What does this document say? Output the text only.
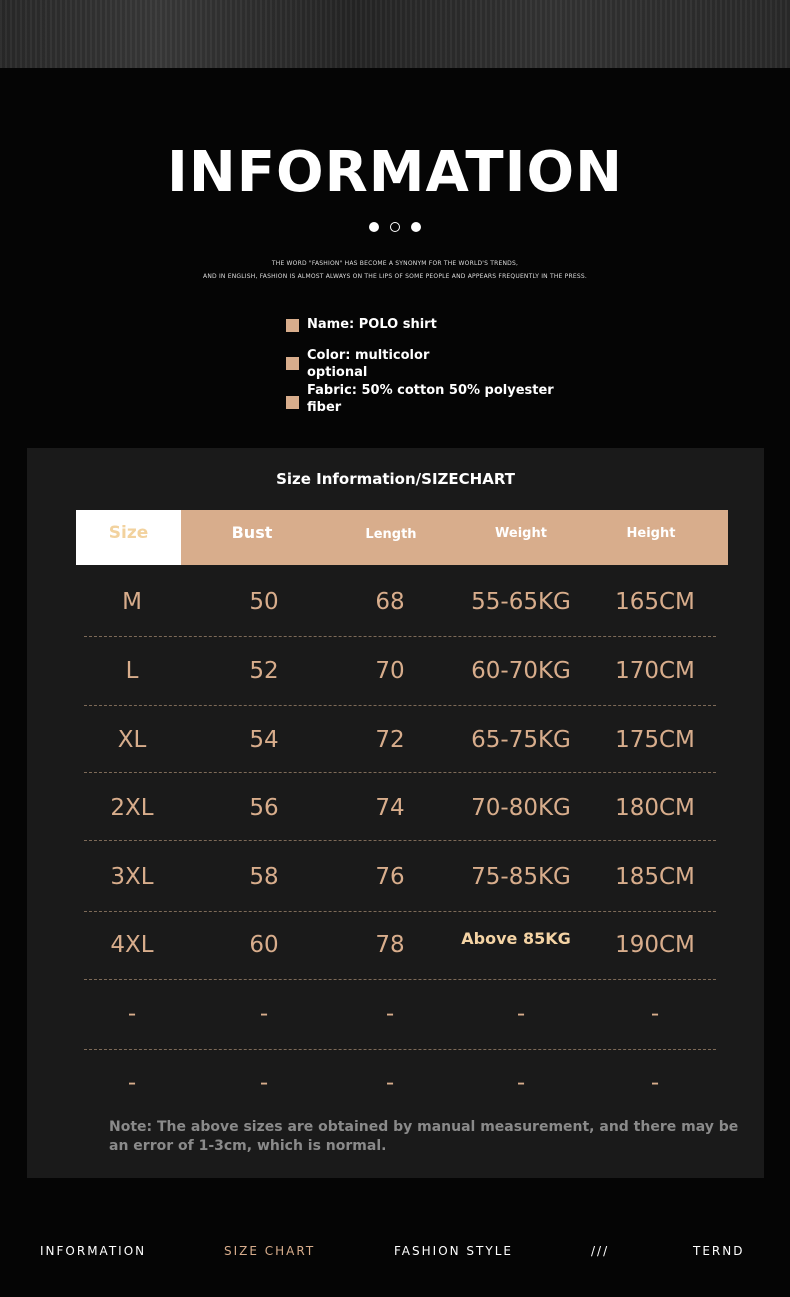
INFORMATION
THE WORD "FASHION" HAS BECOME A SYNONYM FOR THE WORLD'S TRENDS,
AND IN ENGLISH, FASHION IS ALMOST ALWAYS ON THE LIPS OF SOME PEOPLE AND APPEARS FREQUENTLY IN THE PRESS.
Name: POLO shirt
Color: multicolor optional
Fabric: 50% cotton 50% polyester fiber
Size Information/SIZECHART
Size	Bust	Length	Weight	Height
M	50	68	55-65KG 165CM
L	52	70	60-70KG 170CM
XL	54	72	65-75KG 175CM
2XL	56	74	70-80KG 180CM
3XL	58	76	75-85KG 185CM
4XL	60	78	Above 85KG 190CM
-	-	-	-	-
-	-	-	-	-
Note: The above sizes are obtained by manual measurement, and there may be an error of 1-3cm, which is normal.
INFORMATION	SIZE CHART	FASHION STYLE	///	TERND
